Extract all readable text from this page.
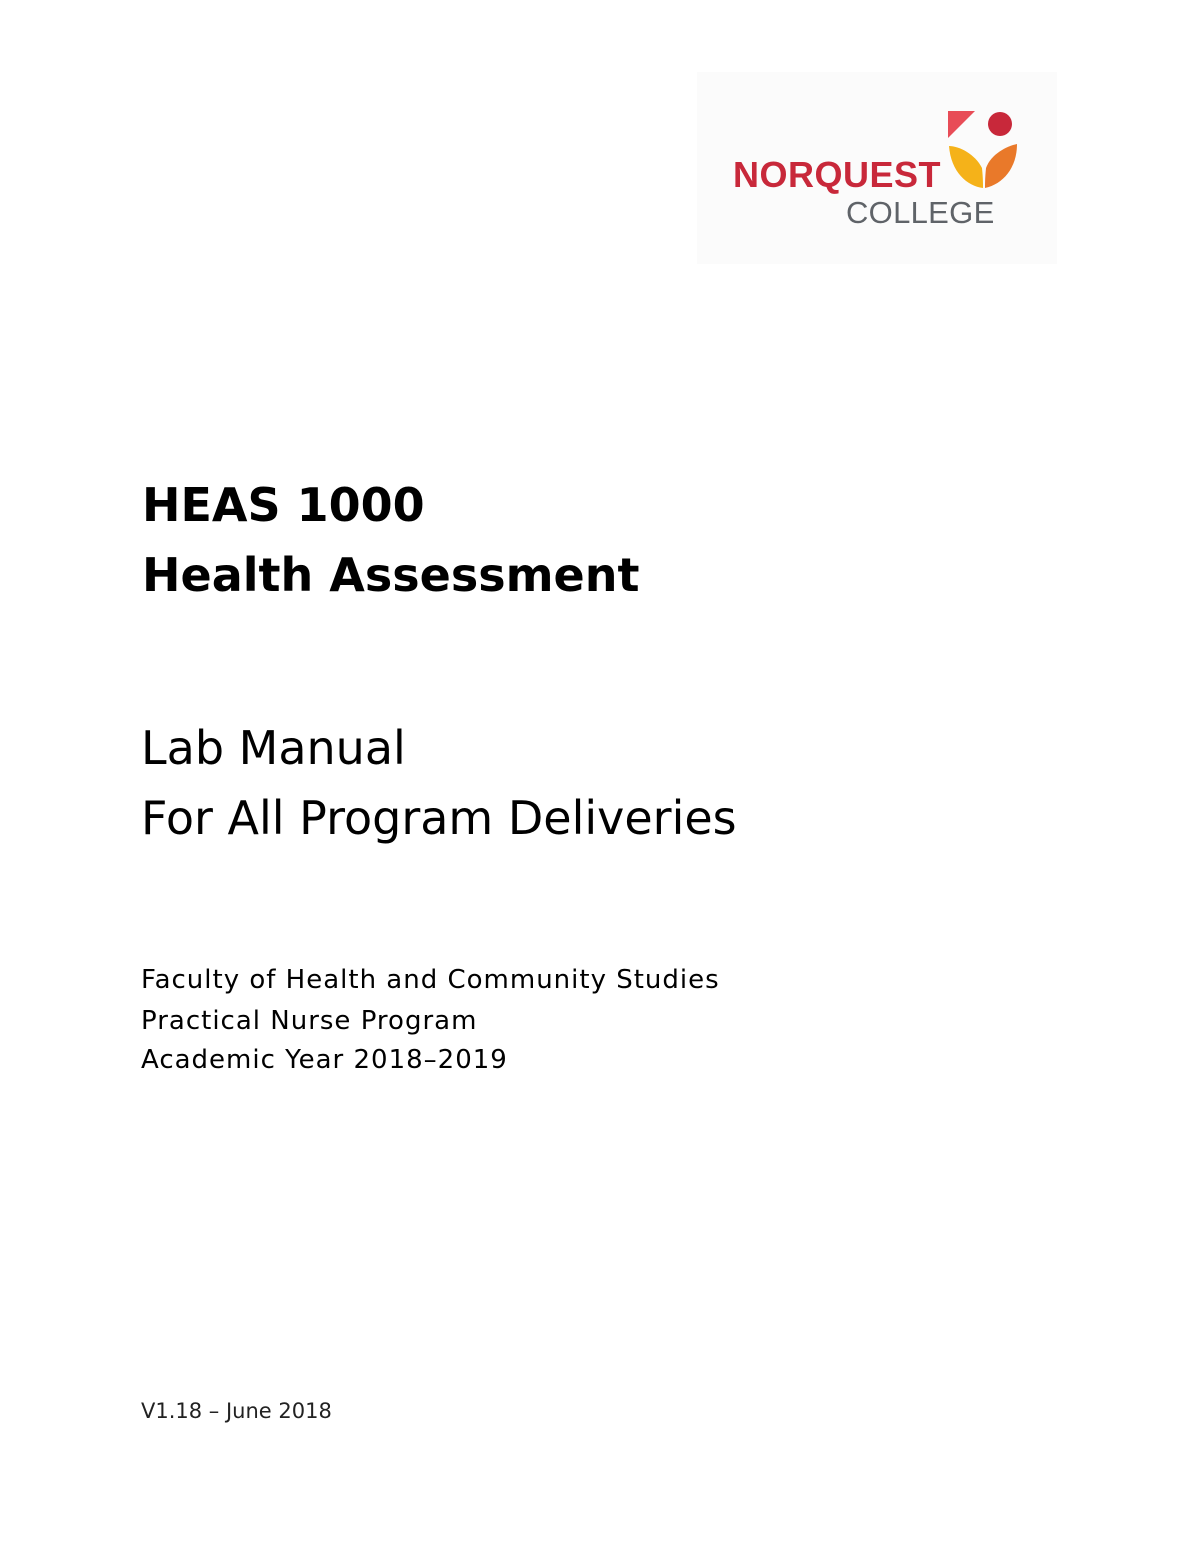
NORQUEST
COLLEGE
HEAS 1000
Health Assessment
Lab Manual
For All Program Deliveries
Faculty of Health and Community Studies
Practical Nurse Program
Academic Year 2018–2019
V1.18 – June 2018
